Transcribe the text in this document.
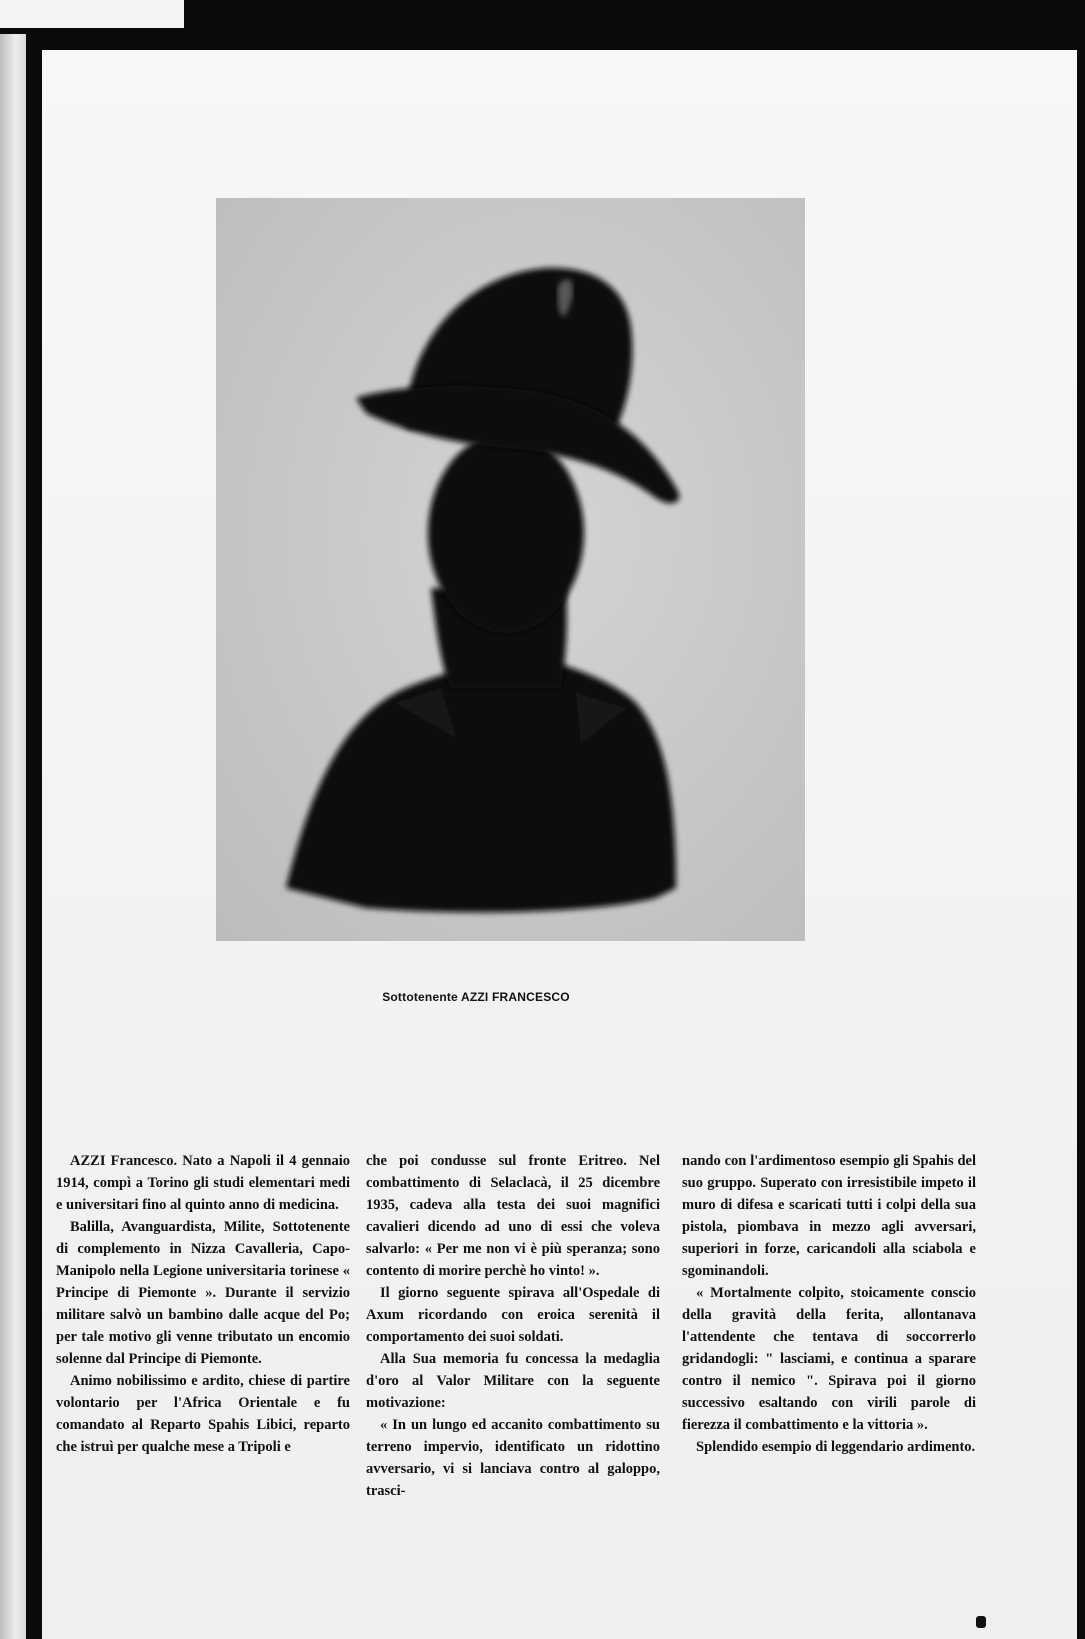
Sottotenente AZZI FRANCESCO

AZZI Francesco. Nato a Napoli il 4 gennaio 1914, compì a Torino gli studi elementari medi e universitari fino al quinto anno di medicina.

Balilla, Avanguardista, Milite, Sottotenente di complemento in Nizza Cavalleria, Capo-Manipolo nella Legione universitaria torinese « Principe di Piemonte ». Durante il servizio militare salvò un bambino dalle acque del Po; per tale motivo gli venne tributato un encomio solenne dal Principe di Piemonte.

Animo nobilissimo e ardito, chiese di partire volontario per l'Africa Orientale e fu comandato al Reparto Spahis Libici, reparto che istruì per qualche mese a Tripoli e

che poi condusse sul fronte Eritreo. Nel combattimento di Selaclacà, il 25 dicembre 1935, cadeva alla testa dei suoi magnifici cavalieri dicendo ad uno di essi che voleva salvarlo: « Per me non vi è più speranza; sono contento di morire perchè ho vinto! ».

Il giorno seguente spirava all'Ospedale di Axum ricordando con eroica serenità il comportamento dei suoi soldati.

Alla Sua memoria fu concessa la medaglia d'oro al Valor Militare con la seguente motivazione:

« In un lungo ed accanito combattimento su terreno impervio, identificato un ridottino avversario, vi si lanciava contro al galoppo, trasci-

nando con l'ardimentoso esempio gli Spahis del suo gruppo. Superato con irresistibile impeto il muro di difesa e scaricati tutti i colpi della sua pistola, piombava in mezzo agli avversari, superiori in forze, caricandoli alla sciabola e sgominandoli.

« Mortalmente colpito, stoicamente conscio della gravità della ferita, allontanava l'attendente che tentava di soccorrerlo gridandogli: " lasciami, e continua a sparare contro il nemico ". Spirava poi il giorno successivo esaltando con virili parole di fierezza il combattimento e la vittoria ».

Splendido esempio di leggendario ardimento.
